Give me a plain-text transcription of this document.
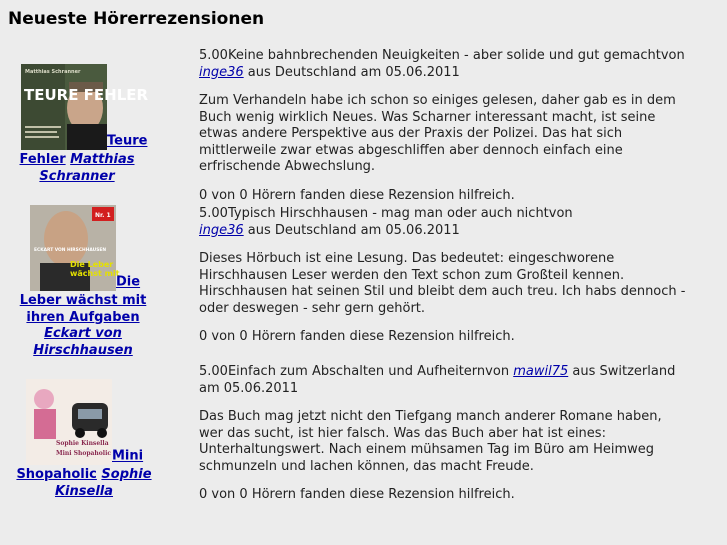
Neueste Hörerrezensionen
Matthias Schranner
TEURE FEHLER
Teure
Fehler Matthias
Schranner
Nr. 1
ECKART VON HIRSCHHAUSEN
Die Leber
wächst mit
Die
Leber wächst mit
ihren Aufgaben
Eckart von
Hirschhausen
Sophie Kinsella
Mini Shopaholic Mini
Shopaholic Sophie
Kinsella

5.00Keine bahnbrechenden Neuigkeiten - aber solide und gut gemachtvon
inge36 aus Deutschland am 05.06.2011

Zum Verhandeln habe ich schon so einiges gelesen, daher gab es in dem Buch wenig wirklich Neues. Was Scharner interessant macht, ist seine etwas andere Perspektive aus der Praxis der Polizei. Das hat sich mittlerweile zwar etwas abgeschliffen aber dennoch einfach eine erfrischende Abwechslung.

0 von 0 Hörern fanden diese Rezension hilfreich.

5.00Typisch Hirschhausen - mag man oder auch nichtvon
inge36 aus Deutschland am 05.06.2011

Dieses Hörbuch ist eine Lesung. Das bedeutet: eingeschworene Hirschhausen Leser werden den Text schon zum Großteil kennen. Hirschhausen hat seinen Stil und bleibt dem auch treu. Ich habs dennoch - oder deswegen - sehr gern gehört.

0 von 0 Hörern fanden diese Rezension hilfreich.

5.00Einfach zum Abschalten und Aufheiternvon mawil75 aus Switzerland am 05.06.2011

Das Buch mag jetzt nicht den Tiefgang manch anderer Romane haben, wer das sucht, ist hier falsch. Was das Buch aber hat ist eines: Unterhaltungswert. Nach einem mühsamen Tag im Büro am Heimweg schmunzeln und lachen können, das macht Freude.

0 von 0 Hörern fanden diese Rezension hilfreich.
